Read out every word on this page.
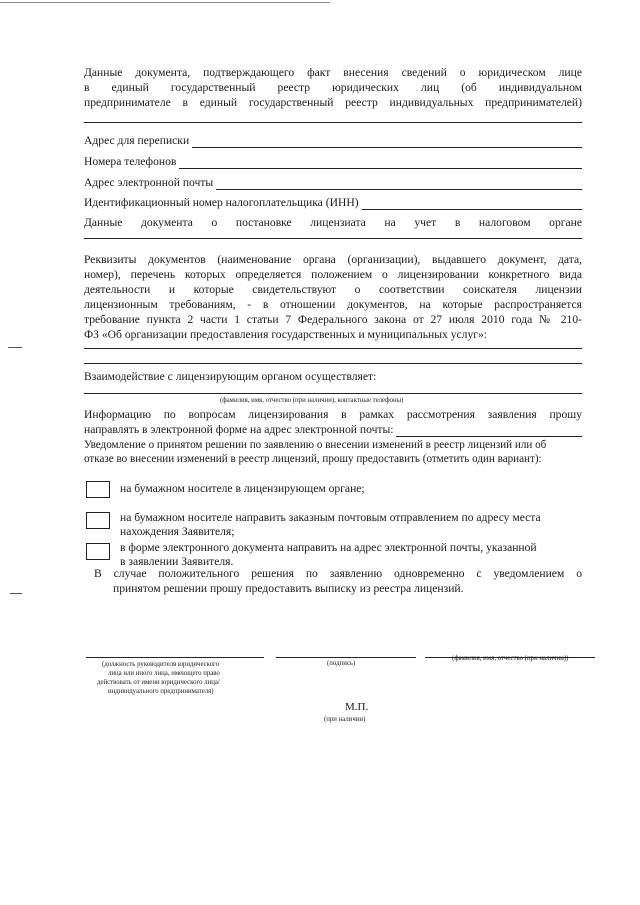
Данные документа, подтверждающего факт внесения сведений о юридическом лице
в единый государственный реестр юридических лиц (об индивидуальном
предпринимателе в единый государственный реестр индивидуальных предпринимателей)
Адрес для переписки
Номера телефонов
Адрес электронной почты
Идентификационный номер налогоплательщика (ИНН)
Данные документа о постановке лицензиата на учет в налоговом органе
Реквизиты документов (наименование органа (организации), выдавшего документ, дата,
номер), перечень которых определяется положением о лицензировании конкретного вида
деятельности и которые свидетельствуют о соответствии соискателя лицензии
лицензионным требованиям, - в отношении документов, на которые распространяется
требование пункта 2 части 1 статьи 7 Федерального закона от 27 июля 2010 года № 210-
ФЗ «Об организации предоставления государственных и муниципальных услуг»:
Взаимодействие с лицензирующим органом осуществляет:
(фамилия, имя, отчество (при наличии), контактные телефоны)
Информацию по вопросам лицензирования в рамках рассмотрения заявления прошу
направлять в электронной форме на адрес электронной почты:
Уведомление о принятом решении по заявлению о внесении изменений в реестр лицензий или об
отказе во внесении изменений в реестр лицензий, прошу предоставить (отметить один вариант):
на бумажном носителе в лицензирующем органе;
на бумажном носителе направить заказным почтовым отправлением по адресу места
нахождения Заявителя;
в форме электронного документа направить на адрес электронной почты, указанной
в заявлении Заявителя.
В случае положительного решения по заявлению одновременно с уведомлением о
принятом решении прошу предоставить выписку из реестра лицензий.
(должность руководителя юридического
лица или иного лица, имеющего право
действовать от имени юридического лица/
индивидуального предпринимателя)
(подпись)
(фамилия, имя, отчество (при наличии))
М.П.
(при наличии)
